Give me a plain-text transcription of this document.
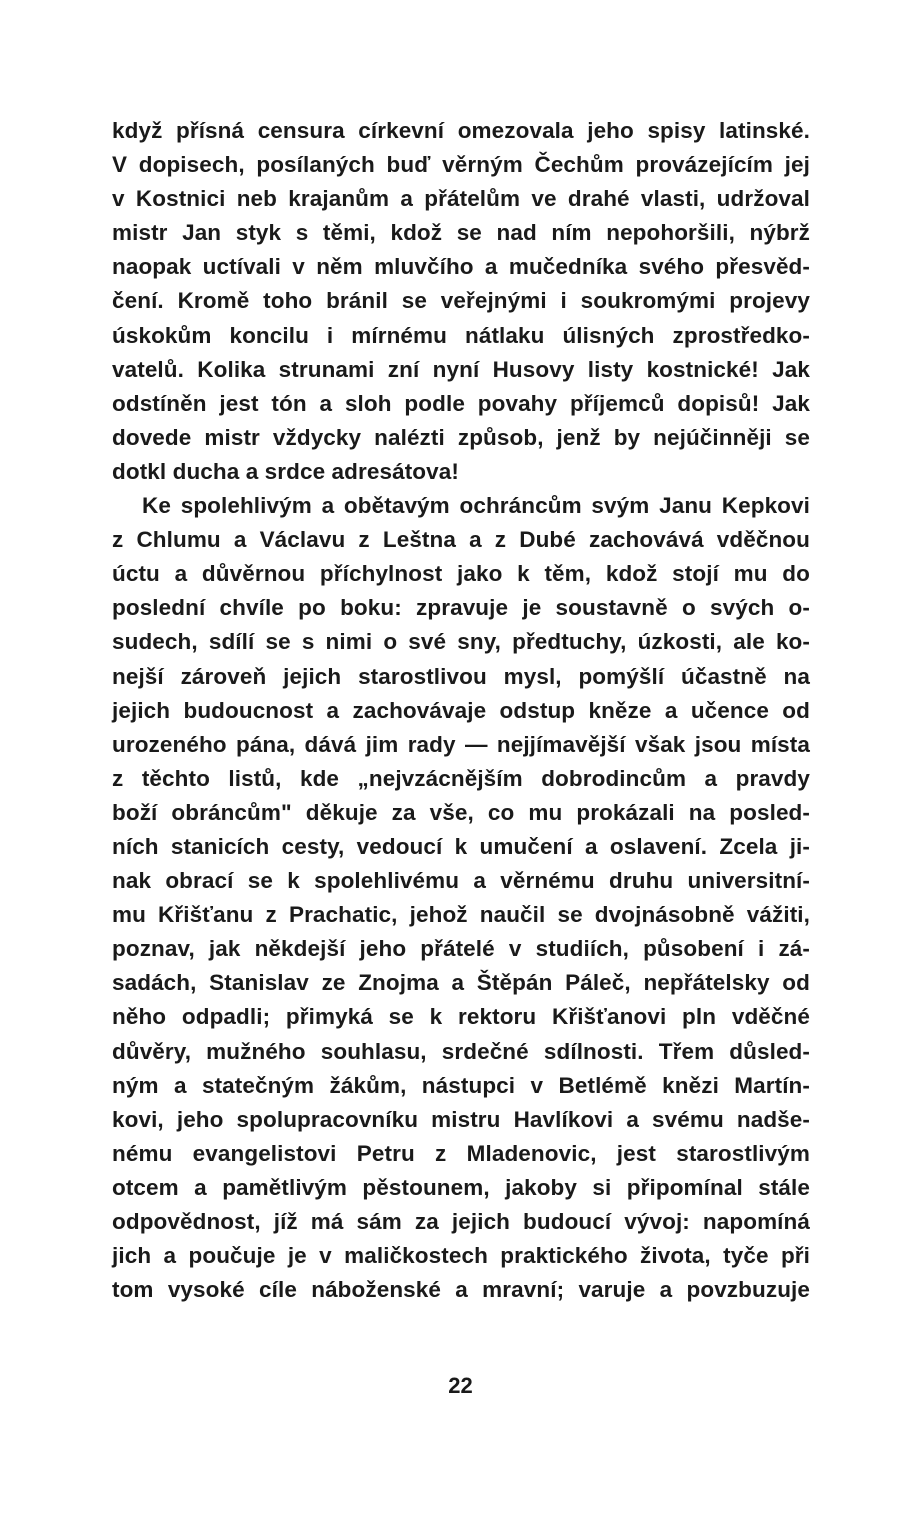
když přísná censura církevní omezovala jeho spisy latinské.
V dopisech, posílaných buď věrným Čechům provázejícím jej
v Kostnici neb krajanům a přátelům ve drahé vlasti, udržoval
mistr Jan styk s těmi, kdož se nad ním nepohoršili, nýbrž
naopak uctívali v něm mluvčího a mučedníka svého přesvěd-
čení. Kromě toho bránil se veřejnými i soukromými projevy
úskokům koncilu i mírnému nátlaku úlisných zprostředko-
vatelů. Kolika strunami zní nyní Husovy listy kostnické! Jak
odstíněn jest tón a sloh podle povahy příjemců dopisů! Jak
dovede mistr vždycky nalézti způsob, jenž by nejúčinněji se
dotkl ducha a srdce adresátova!
Ke spolehlivým a obětavým ochráncům svým Janu Kepkovi
z Chlumu a Václavu z Leštna a z Dubé zachovává vděčnou
úctu a důvěrnou příchylnost jako k těm, kdož stojí mu do
poslední chvíle po boku: zpravuje je soustavně o svých o-
sudech, sdílí se s nimi o své sny, předtuchy, úzkosti, ale ko-
nejší zároveň jejich starostlivou mysl, pomýšlí účastně na
jejich budoucnost a zachovávaje odstup kněze a učence od
urozeného pána, dává jim rady — nejjímavější však jsou místa
z těchto listů, kde „nejvzácnějším dobrodincům a pravdy
boží obráncům" děkuje za vše, co mu prokázali na posled-
ních stanicích cesty, vedoucí k umučení a oslavení. Zcela ji-
nak obrací se k spolehlivému a věrnému druhu universitní-
mu Křišťanu z Prachatic, jehož naučil se dvojnásobně vážiti,
poznav, jak někdejší jeho přátelé v studiích, působení i zá-
sadách, Stanislav ze Znojma a Štěpán Páleč, nepřátelsky od
něho odpadli; přimyká se k rektoru Křišťanovi pln vděčné
důvěry, mužného souhlasu, srdečné sdílnosti. Třem důsled-
ným a statečným žákům, nástupci v Betlémě knězi Martín-
kovi, jeho spolupracovníku mistru Havlíkovi a svému nadše-
nému evangelistovi Petru z Mladenovic, jest starostlivým
otcem a pamětlivým pěstounem, jakoby si připomínal stále
odpovědnost, jíž má sám za jejich budoucí vývoj: napomíná
jich a poučuje je v maličkostech praktického života, tyče při
tom vysoké cíle náboženské a mravní; varuje a povzbuzuje
22
